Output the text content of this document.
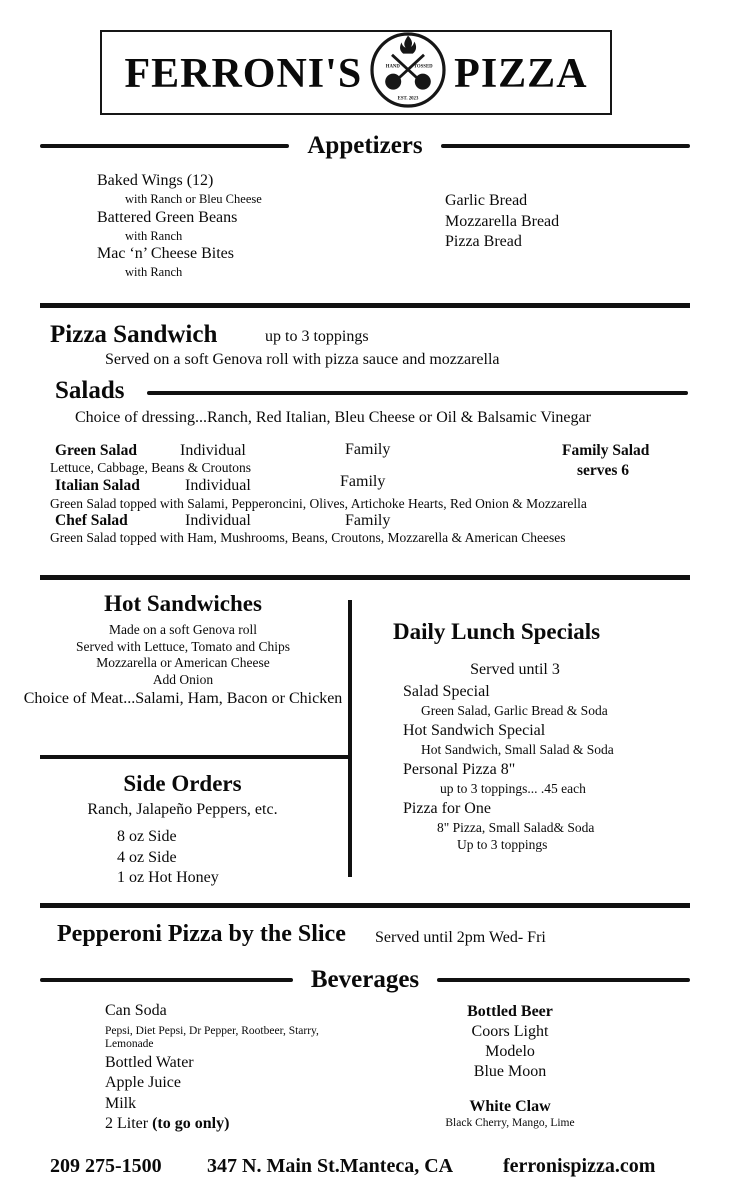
FERRONI'S	HAND TOSSED
EST. 2023
PIZZA
Appetizers
Baked Wings (12)
with Ranch or Bleu Cheese
Battered Green Beans
with Ranch
Mac ‘n’ Cheese Bites
with Ranch
Garlic Bread
Mozzarella Bread
Pizza Bread
Pizza Sandwich	up to 3 toppings
Served on a soft Genova roll with pizza sauce and mozzarella
Salads
Choice of dressing...Ranch, Red Italian, Bleu Cheese or Oil & Balsamic Vinegar
Green Salad	Individual	Family
Lettuce, Cabbage, Beans & Croutons
Family Salad
serves 6
Italian Salad	Individual	Family
Green Salad topped with Salami, Pepperoncini, Olives, Artichoke Hearts, Red Onion & Mozzarella
Chef Salad	Individual	Family
Green Salad topped with Ham, Mushrooms, Beans, Croutons, Mozzarella & American Cheeses
Hot Sandwiches
Made on a soft Genova roll
Served with Lettuce, Tomato and Chips
Mozzarella or American Cheese
Add Onion
Choice of Meat...Salami, Ham, Bacon or Chicken
Side Orders
Ranch, Jalapeño Peppers, etc.
8 oz Side
4 oz Side
1 oz Hot Honey
Daily Lunch Specials
Served until 3
Salad Special
Green Salad, Garlic Bread & Soda
Hot Sandwich Special
Hot Sandwich, Small Salad & Soda
Personal Pizza 8"
up to 3 toppings... .45 each
Pizza for One
8" Pizza, Small Salad& Soda
Up to 3 toppings
Pepperoni Pizza by the Slice Served until 2pm Wed- Fri
Beverages
Can Soda
Pepsi, Diet Pepsi, Dr Pepper, Rootbeer, Starry,
Lemonade
Bottled Water
Apple Juice
Milk
2 Liter (to go only)
Bottled Beer
Coors Light
Modelo
Blue Moon
White Claw
Black Cherry, Mango, Lime
209 275-1500 347 N. Main St.Manteca, CA ferronispizza.com
